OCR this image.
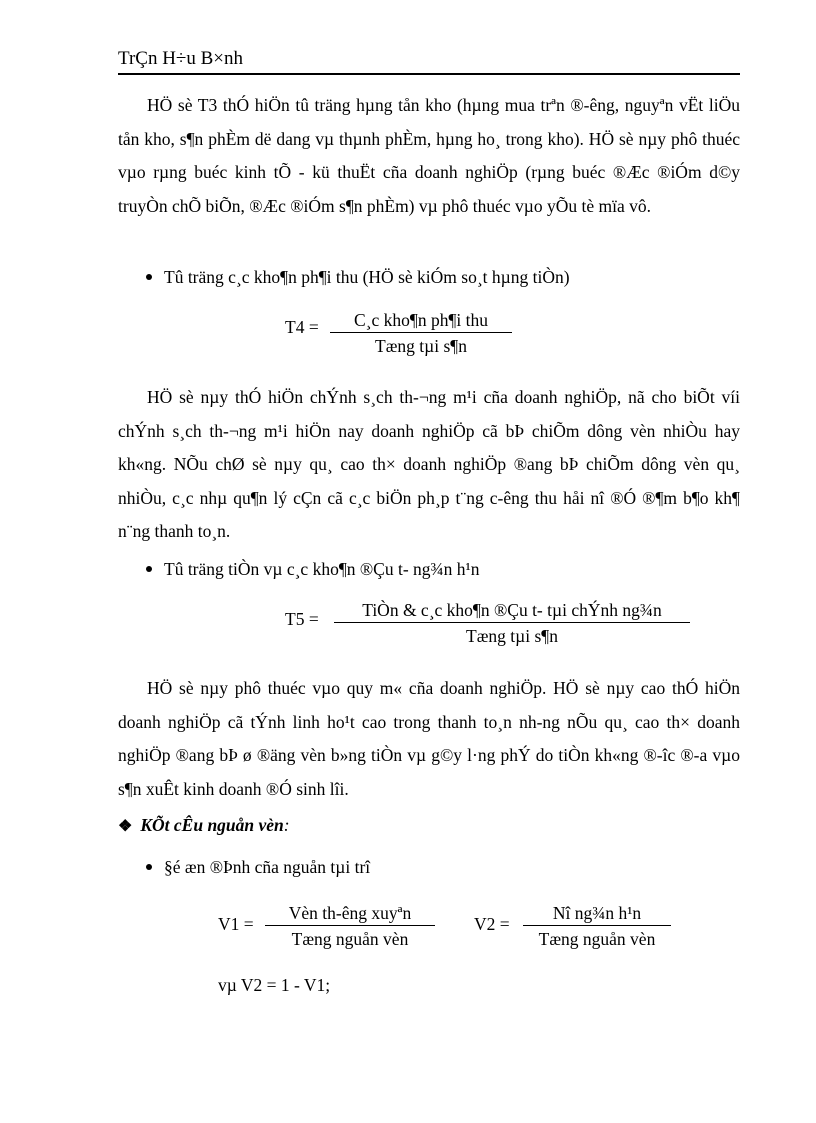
TrÇn H÷u B×nh
HÖ sè T3 thÓ hiÖn tû träng hµng tån kho (hµng mua trªn ®-êng, nguyªn vËt liÖu tån kho, s¶n phÈm dë dang vµ thµnh phÈm, hµng ho¸ trong kho). HÖ sè nµy phô thuéc vµo rµng buéc kinh tÕ - kü thuËt cña doanh nghiÖp (rµng buéc ®Æc ®iÓm d©y truyÒn chÕ biÕn, ®Æc ®iÓm s¶n phÈm) vµ phô thuéc vµo yÕu tè mïa vô.
Tû träng c¸c kho¶n ph¶i thu (HÖ sè kiÓm so¸t hµng tiÒn)
T4 =	C¸c kho¶n ph¶i thu
Tæng tµi s¶n
HÖ sè nµy thÓ hiÖn chÝnh s¸ch th-¬ng m¹i cña doanh nghiÖp, nã cho biÕt víi chÝnh s¸ch th-¬ng m¹i hiÖn nay doanh nghiÖp cã bÞ chiÕm dông vèn nhiÒu hay kh«ng. NÕu chØ sè nµy qu¸ cao th× doanh nghiÖp ®ang bÞ chiÕm dông vèn qu¸ nhiÒu, c¸c nhµ qu¶n lý cÇn cã c¸c biÖn ph¸p t¨ng c-êng thu håi nî ®Ó ®¶m b¶o kh¶ n¨ng thanh to¸n.
Tû träng tiÒn vµ c¸c kho¶n ®Çu t- ng¾n h¹n
T5 =	TiÒn & c¸c kho¶n ®Çu t- tµi chÝnh ng¾n
Tæng tµi s¶n
HÖ sè nµy phô thuéc vµo quy m« cña doanh nghiÖp. HÖ sè nµy cao thÓ hiÖn doanh nghiÖp cã tÝnh linh ho¹t cao trong thanh to¸n nh-ng nÕu qu¸ cao th× doanh nghiÖp ®ang bÞ ø ®äng vèn b»ng tiÒn vµ g©y l·ng phÝ do tiÒn kh«ng ®-îc ®-a vµo s¶n xuÊt kinh doanh ®Ó sinh lîi.
❖ KÕt cÊu nguån vèn:
§é æn ®Þnh cña nguån tµi trî
V1 =
Vèn th-êng xuyªn
Tæng nguån vèn
V2 =
Nî ng¾n h¹n
Tæng nguån vèn
vµ V2 = 1 - V1;
